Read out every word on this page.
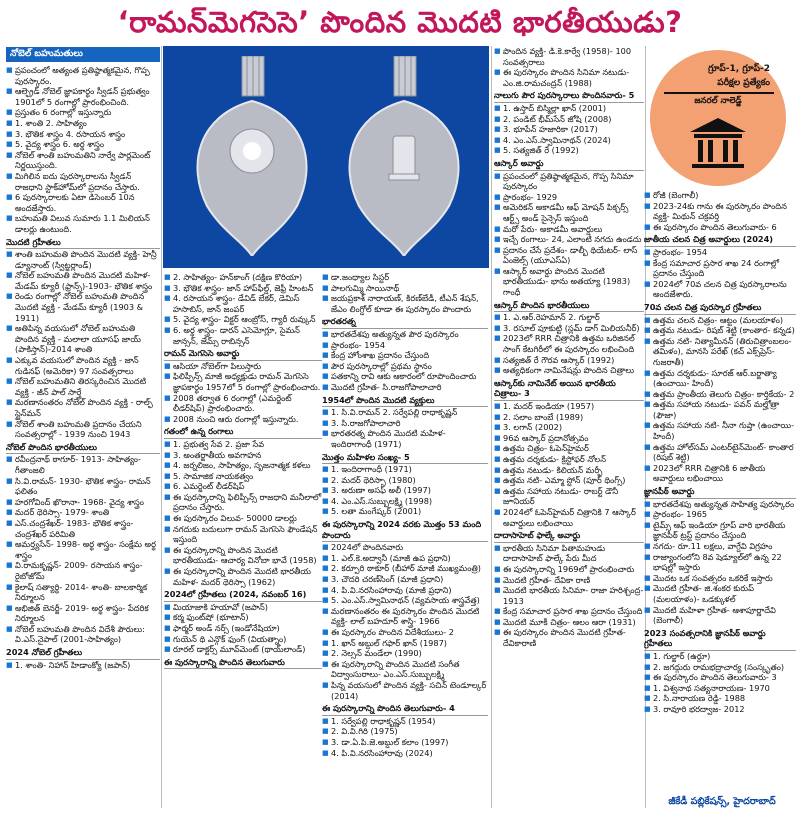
‘రామన్‌మెగసెసె’ పొందిన మొదటి భారతీయుడు?
గ్రూప్‌-1, గ్రూప్‌-2
పరీక్షల ప్రత్యేకం
జనరల్‌ నాలెడ్జ్‌
నోబెల్‌ బహుమతులు
■ ప్రపంచంలో అత్యంత ప్రతిష్ఠాత్మకమైన, గొప్ప పురస్కారం.
■ ఆల్ఫ్రెడ్‌ నోబెల్‌ జ్ఞాపకార్థం స్వీడన్‌ ప్రభుత్వం 1901లో 5 రంగాల్లో ప్రారంభించింది.
■ ప్రస్తుతం 6 రంగాల్లో ఇస్తున్నారు
■ 1. శాంతి 2. సాహిత్యం
■ 3. భౌతిక శాస్త్రం 4. రసాయన శాస్త్రం
■ 5. వైద్య శాస్త్రం 6. అర్థ శాస్త్రం
■ నోబెల్‌ శాంతి బహుమతిని నార్వే పార్లమెంట్‌ నిర్ణయిస్తుంది.
■ మిగిలిన ఐదు పురస్కారాలను స్వీడన్‌ రాజధాని స్టాక్‌హోమ్‌లో ప్రదానం చేస్తారు.
■ 6 పురస్కారాలకు ఏటా డిసెంబర్‌ 10న అందజేస్తారు.
■ బహుమతి విలువ సుమారు 1.1 మిలియన్‌ డాలర్లు ఉంటుంది.
మొదటి గ్రహీతలు
■ శాంతి బహుమతి పొందిన మొదటి వ్యక్తి- హెన్రీ డ్యూనాంట్‌ (స్విట్జర్లాండ్‌)
■ నోబెల్‌ బహుమతి పొందిన మొదటి మహిళ- మేడమ్‌ క్యూరీ (ఫ్రాన్స్‌)-1903- భౌతిక శాస్త్రం
■ రెండు రంగాల్లో నోబెల్‌ బహుమతి పొందిన మొదటి వ్యక్తి - మేడమ్‌ క్యూరీ (1903 & 1911)
■ అతిపిన్న వయసులో నోబెల్‌ బహుమతి పొందిన వ్యక్తి - మలాలా యూసఫ్‌ జాయ్‌ (పాకిస్తాన్‌)-2014 శాంతి
■ ఎక్కువ వయసులో పొందిన వ్యక్తి - జాన్‌ గుడినఫ్‌ (అమెరికా) 97 సంవత్సరాలు
■ నోబెల్‌ బహుమతిని తిరస్కరించిన మొదటి వ్యక్తి - జీన్‌ పాల్‌ సార్త్రే
■ మరణానంతరం నోబెల్‌ పొందిన వ్యక్తి - రాల్ఫ్‌ స్టైన్‌మన్‌
■ నోబెల్‌ శాంతి బహుమతి ప్రదానం చేయని సంవత్సరాల్లో - 1939 నుంచి 1943
నోబెల్‌ పొందిన భారతీయులు
■ రవీంద్రనాథ్‌ ఠాగూర్‌- 1913- సాహిత్యం- గీతాంజలి
■ సి.వి.రామన్‌- 1930- భౌతిక శాస్త్రం- రామన్‌ ఫలితం
■ హరగోవింద్‌ ఖొరానా- 1968- వైద్య శాస్త్రం
■ మదర్‌ థెరిస్సా- 1979- శాంతి
■ ఎస్‌.చంద్రశేఖర్‌- 1983- భౌతిక శాస్త్రం- చంద్రశేఖర్‌ పరిమితి
■ అమర్త్యసేన్‌- 1998- అర్థ శాస్త్రం- సంక్షేమ అర్థ శాస్త్రం
■ వి.రామకృష్ణన్‌- 2009- రసాయన శాస్త్రం- రైబోజోమ్‌
■ కైలాష్‌ సత్యార్థి- 2014- శాంతి- బాలకార్మిక నిర్మూలన
■ అభిజిత్‌ బెనర్జీ- 2019- అర్థ శాస్త్రం- పేదరిక నిర్మూలన
■ నోబెల్‌ బహుమతి పొందిన విదేశీ పౌరులు: వి.ఎస్‌.నైపాల్‌ (2001-సాహిత్యం)
2024 నోబెల్‌ గ్రహీతలు
■ 1. శాంతి- నిహాన్‌ హిడాంక్యో (జపాన్‌)
■ 2. సాహిత్యం- హన్‌కాంగ్‌ (దక్షిణ కొరియా)
■ 3. భౌతిక శాస్త్రం- జాన్‌ హాప్‌ఫీల్డ్‌, జెఫ్రీ హింటన్‌
■ 4. రసాయన శాస్త్రం- డేవిడ్‌ బేకర్‌, డెమిస్‌ హసాబిస్‌, జాన్‌ జంపర్‌
■ 5. వైద్య శాస్త్రం- విక్టర్‌ ఆంబ్రోస్‌, గ్యారీ రువ్కున్‌
■ 6. అర్థ శాస్త్రం- డారన్‌ ఎసెమోగ్లూ, సైమన్‌ జాన్సన్‌, జేమ్స్‌ రాబిన్సన్‌
రామన్‌ మెగసెసె అవార్డు
■ ఆసియా నోబెల్‌గా పిలుస్తారు
■ ఫిలిప్పీన్స్‌ మాజీ అధ్యక్షుడు రామన్‌ మెగసెసె జ్ఞాపకార్థం 1957లో 5 రంగాల్లో ప్రారంభించారు.
■ 2008 తర్వాత 6 రంగాల్లో (ఎమర్జెంట్‌ లీడర్‌షిప్‌) ప్రారంభించారు.
■ 2008 నుంచి ఆరు రంగాల్లో ఇస్తున్నారు.
గతంలో ఉన్న రంగాలు
■ 1. ప్రభుత్వ సేవ 2. ప్రజా సేవ
■ 3. అంతర్జాతీయ అవగాహన
■ 4. జర్నలిజం, సాహిత్యం, సృజనాత్మక కళలు
■ 5. సామాజిక నాయకత్వం
■ 6. ఎమర్జెంట్‌ లీడర్‌షిప్‌
■ ఈ పురస్కారాన్ని ఫిలిప్పీన్స్‌ రాజధాని మనీలాలో ప్రదానం చేస్తారు.
■ ఈ పురస్కారం విలువ- 50000 డాలర్లు
■ నగదుకు బదులుగా రామన్‌ మెగసెసె ఫౌండేషన్‌ ఇస్తుంది
■ ఈ పురస్కారాన్ని పొందిన మొదటి భారతీయుడు- ఆచార్య వినోబా భావే (1958)
■ ఈ పురస్కారాన్ని పొందిన మొదటి భారతీయ మహిళ- మదర్‌ థెరిస్సా (1962)
2024లో గ్రహీతలు (2024, నవంబర్‌ 16)
■ మియాజాకి హయావో (జపాన్‌)
■ కర్మ ఫుంట్‌షో (భూటాన్‌)
■ ఫార్మర్‌ అండ్‌ నర్స్‌ (ఇండోనేషియా)
■ గుయెన్‌ థి ఎన్గొక్‌ ఫుంగ్‌ (వియత్నాం)
■ రూరల్‌ డాక్టర్స్‌ మూవ్‌మెంట్‌ (థాయ్‌లాండ్‌)
ఈ పురస్కారాన్ని పొందిన తెలుగువారు
■ డా.జంధ్యాల సిస్టర్‌
■ పాలగుమ్మి సాయినాథ్‌
■ జయప్రకాశ్‌ నారాయణ్‌, కిరణ్‌బేడీ, టీఎన్‌ శేషన్‌, జేఎం లింగ్డోల్‌ కూడా ఈ పురస్కారం పొందారు
భారతరత్న
■ భారతదేశపు అత్యున్నత పౌర పురస్కారం
■ ప్రారంభం- 1954
■ కేంద్ర హోంశాఖ ప్రదానం చేస్తుంది
■ పౌర పురస్కారాల్లో ప్రథమ స్థానం
■ పతకాన్ని రావి ఆకు ఆకారంలో రూపొందించారు
■ మొదటి గ్రహీత- సి.రాజగోపాలాచారి
1954లో పొందిన మొదటి వ్యక్తులు
■ 1. సి.వి.రామన్‌ 2. సర్వేపల్లి రాధాకృష్ణన్‌
■ 3. సి.రాజగోపాలాచారి
■ భారతరత్న పొందిన మొదటి మహిళ- ఇందిరాగాంధీ (1971)
మొత్తం మహిళల సంఖ్య- 5
■ 1. ఇందిరాగాంధీ (1971)
■ 2. మదర్‌ థెరిస్సా (1980)
■ 3. అరుణా అసఫ్‌ అలీ (1997)
■ 4. ఎం.ఎస్‌.సుబ్బులక్ష్మి (1998)
■ 5. లతా మంగేష్కర్‌ (2001)
ఈ పురస్కారాన్ని 2024 వరకు మొత్తం 53 మంది పొందారు
■ 2024లో పొందినవారు
■ 1. ఎల్‌.కె.అద్వానీ (మాజీ ఉప ప్రధాని)
■ 2. కర్పూరి ఠాకూర్‌ (బీహార్‌ మాజీ ముఖ్యమంత్రి)
■ 3. చౌదరి చరణ్‌సింగ్‌ (మాజీ ప్రధాని)
■ 4. పి.వి.నరసింహారావు (మాజీ ప్రధాని)
■ 5. ఎం.ఎస్‌.స్వామినాథన్‌ (వ్యవసాయ శాస్త్రవేత్త)
■ మరణానంతరం ఈ పురస్కారం పొందిన మొదటి వ్యక్తి- లాల్‌ బహదూర్‌ శాస్త్రి- 1966
■ ఈ పురస్కారం పొందిన విదేశీయులు- 2
■ 1. ఖాన్‌ అబ్దుల్‌ గఫార్‌ ఖాన్‌ (1987)
■ 2. నెల్సన్‌ మండేలా (1990)
■ ఈ పురస్కారాన్ని పొందిన మొదటి సంగీత విద్వాంసురాలు- ఎం.ఎస్‌.సుబ్బులక్ష్మి
■ పిన్న వయసులో పొందిన వ్యక్తి- సచిన్‌ టెండూల్కర్‌ (2014)
ఈ పురస్కారాన్ని పొందిన తెలుగువారు- 4
■ 1. సర్వేపల్లి రాధాకృష్ణన్‌ (1954)
■ 2. వి.వి.గిరి (1975)
■ 3. డా.ఏ.పి.జె.అబ్దుల్‌ కలాం (1997)
■ 4. పి.వి.నరసింహారావు (2024)
■ పొందిన వ్యక్తి- డి.కె.కార్వే (1958)- 100 సంవత్సరాలు
■ ఈ పురస్కారం పొందిన సినిమా నటుడు- ఎం.జి.రామచంద్రన్‌ (1988)
నాలుగు పౌర పురస్కారాలు పొందినవారు- 5
■ 1. ఉస్తాద్‌ బిస్మిల్లా ఖాన్‌ (2001)
■ 2. పండిట్‌ భీమ్‌సేన్‌ జోషి (2008)
■ 3. భూపేన్‌ హజారికా (2017)
■ 4. ఎం.ఎస్‌.స్వామినాథన్‌ (2024)
■ 5. సత్యజిత్‌ రే (1992)
ఆస్కార్‌ అవార్డు
■ ప్రపంచంలో ప్రతిష్ఠాత్మకమైన, గొప్ప సినిమా పురస్కారం
■ ప్రారంభం- 1929
■ అమెరికన్‌ అకాడమీ ఆఫ్‌ మోషన్‌ పిక్చర్స్‌ ఆర్ట్స్‌ అండ్‌ సైన్సెస్‌ ఇస్తుంది
■ మరో పేరు- అకాడమీ అవార్డులు
■ ఇచ్చే రంగాలు- 24, ఎలాంటి నగదు ఉండదు
■ ప్రదానం చేసే ప్రదేశం- డాల్బీ థియేటర్‌- లాస్‌ ఏంజెల్స్‌ (యూఎస్‌ఏ)
■ ఆస్కార్‌ అవార్డు పొందిన మొదటి భారతీయుడు- భాను అతయ్యా (1983) గాంధీ
ఆస్కార్‌ పొందిన భారతీయులు
■ 1. ఎ.ఆర్‌.రెహమాన్‌ 2. గుల్జార్‌
■ 3. రసూల్‌ పూకుట్టి (స్లమ్‌ డాగ్‌ మిలియనీర్‌)
■ 2023లో RRR చిత్రానికి ఉత్తమ ఒరిజినల్‌ సాంగ్‌ కేటగిరీలో ఈ పురస్కారం లభించింది
■ సత్యజిత్‌ రే గౌరవ ఆస్కార్‌ (1992)
■ అత్యధికంగా నామినేషన్లు పొందిన చిత్రాలు
ఆస్కార్‌కు నామినేట్‌ అయిన భారతీయ చిత్రాలు- 3
■ 1. మదర్‌ ఇండియా (1957)
■ 2. సలాం బాంబే (1989)
■ 3. లగాన్‌ (2002)
■ 96వ ఆస్కార్‌ ప్రదానోత్సవం
■ ఉత్తమ చిత్రం- ఓపెన్‌హైమర్‌
■ ఉత్తమ దర్శకుడు- క్రిస్టోఫర్‌ నోలన్‌
■ ఉత్తమ నటుడు- కిలియన్‌ మర్ఫీ
■ ఉత్తమ నటి- ఎమ్మా స్టోన్‌ (పూర్‌ థింగ్స్‌)
■ ఉత్తమ సహాయ నటుడు- రాబర్ట్‌ డౌనీ జూనియర్‌
■ 2024లో ఓపెన్‌హైమర్‌ చిత్రానికి 7 ఆస్కార్‌ అవార్డులు లభించాయి
దాదాసాహెబ్‌ ఫాల్కే అవార్డు
■ భారతీయ సినిమా పితామహుడు దాదాసాహెబ్‌ ఫాల్కే పేరు మీద
■ ఈ పురస్కారాన్ని 1969లో ప్రారంభించారు
■ మొదటి గ్రహీత- దేవికా రాణి
■ మొదటి భారతీయ సినిమా- రాజా హరిశ్చంద్ర- 1913
■ కేంద్ర సమాచార ప్రసార శాఖ ప్రదానం చేస్తుంది
■ మొదటి మూకీ చిత్రం- ఆలం ఆరా (1931)
■ ఈ పురస్కారం పొందిన మొదటి గ్రహీత- దేవికారాణి
■ రోజీ (బెంగాలీ)
■ 2023-24కు గాను ఈ పురస్కారం పొందిన వ్యక్తి- మిథున్‌ చక్రవర్తి
■ ఈ పురస్కారం పొందిన తెలుగువారు- 6
జాతీయ చలన చిత్ర అవార్డులు (2024)
■ ప్రారంభం- 1954
■ కేంద్ర సమాచార ప్రసార శాఖ 24 రంగాల్లో ప్రదానం చేస్తుంది
■ 2024లో 70వ చలన చిత్ర పురస్కారాలను అందజేశారు.
70వ చలన చిత్ర పురస్కార గ్రహీతలు
■ ఉత్తమ చలన చిత్రం- ఆట్టం (మలయాళం)
■ ఉత్తమ నటుడు- రిషబ్‌ శెట్టి (కాంతార- కన్నడ)
■ ఉత్తమ నటి- నిత్యామీనన్‌ (తిరుచిత్రాంబలం- తమిళం), మానసి పరేఖ్‌ (కచ్‌ ఎక్స్‌ప్రెస్‌- గుజరాతీ)
■ ఉత్తమ దర్శకుడు- సూరజ్‌ ఆర్‌.బర్జాత్యా (ఉంచాయి- హిందీ)
■ ఉత్తమ ప్రాంతీయ తెలుగు చిత్రం- కార్తికేయ- 2
■ ఉత్తమ సహాయ నటుడు- పవన్‌ మల్హోత్రా (ఫౌజా)
■ ఉత్తమ సహాయ నటి- నీనా గుప్తా (ఉంచాయి- హిందీ)
■ ఉత్తమ హోల్‌సమ్‌ ఎంటర్‌టైన్‌మెంట్‌- కాంతార (రిషబ్‌ శెట్టి)
■ 2023లో RRR చిత్రానికి 6 జాతీయ అవార్డులు లభించాయి
జ్ఞానపీఠ్‌ అవార్డు
■ భారతదేశపు అత్యున్నత సాహిత్య పురస్కారం
■ ప్రారంభం- 1965
■ టైమ్స్‌ ఆఫ్‌ ఇండియా గ్రూప్‌ వారి భారతీయ జ్ఞానపీఠ్‌ ట్రస్ట్‌ ప్రదానం చేస్తుంది
■ నగదు- రూ.11 లక్షలు, వాగ్దేవి విగ్రహం
■ రాజ్యాంగంలోని 8వ షెడ్యూల్‌లో ఉన్న 22 భాషల్లో ఇస్తారు
■ మొదట ఒక సంవత్సరం ఒకరికే ఇస్తారు
■ మొదటి గ్రహీత- జి.శంకర కురుప్‌ (మలయాళం)- ఒడక్కుళల్‌
■ మొదటి మహిళా గ్రహీత- ఆశాపూర్ణాదేవి (బెంగాలీ)
2023 సంవత్సరానికి జ్ఞానపీఠ్‌ అవార్డు గ్రహీతలు
■ 1. గుల్జార్‌ (ఉర్దూ)
■ 2. జగద్గురు రామభద్రాచార్య (సంస్కృతం)
■ ఈ పురస్కారం పొందిన తెలుగువారు- 3
■ 1. విశ్వనాథ సత్యనారాయణ- 1970
■ 2. సి.నారాయణ రెడ్డి- 1988
■ 3. రావూరి భరద్వాజ- 2012
జీకేడీ పబ్లికేషన్స్‌, హైదరాబాద్‌
